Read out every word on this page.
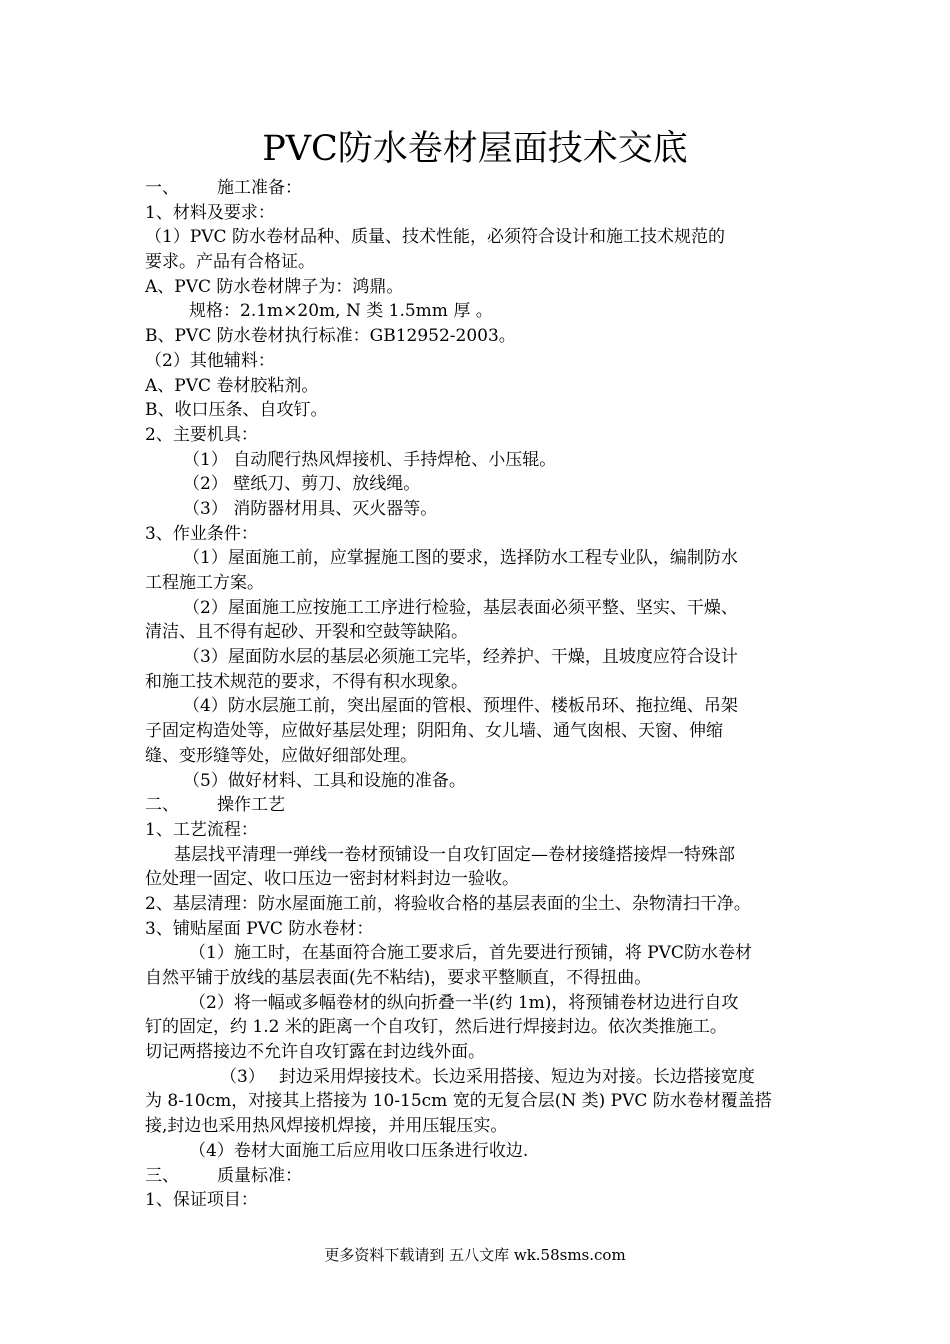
PVC防水卷材屋面技术交底
一、 施工准备：
1、材料及要求：
（1）PVC 防水卷材品种、质量、技术性能，必须符合设计和施工技术规范的
要求。产品有合格证。
A、PVC 防水卷材牌子为：鸿鼎。
规格：2.1m×20m, N 类 1.5mm 厚 。
B、PVC 防水卷材执行标准：GB12952-2003。
（2）其他辅料：
A、PVC 卷材胶粘剂。
B、收口压条、自攻钉。
2、主要机具：
（1） 自动爬行热风焊接机、手持焊枪、小压辊。
（2） 壁纸刀、剪刀、放线绳。
（3） 消防器材用具、灭火器等。
3、作业条件：
（1）屋面施工前，应掌握施工图的要求，选择防水工程专业队，编制防水
工程施工方案。
（2）屋面施工应按施工工序进行检验，基层表面必须平整、坚实、干燥、
清洁、且不得有起砂、开裂和空鼓等缺陷。
（3）屋面防水层的基层必须施工完毕，经养护、干燥，且坡度应符合设计
和施工技术规范的要求，不得有积水现象。
（4）防水层施工前，突出屋面的管根、预埋件、楼板吊环、拖拉绳、吊架
子固定构造处等，应做好基层处理；阴阳角、女儿墙、通气囱根、天窗、伸缩
缝、变形缝等处，应做好细部处理。
（5）做好材料、工具和设施的准备。
二、 操作工艺
1、工艺流程：
基层找平清理一弹线一卷材预铺设一自攻钉固定—卷材接缝搭接焊一特殊部
位处理一固定、收口压边一密封材料封边一验收。
2、基层清理：防水屋面施工前，将验收合格的基层表面的尘土、杂物清扫干净。
3、铺贴屋面 PVC 防水卷材：
（1）施工时，在基面符合施工要求后，首先要进行预铺，将 PVC防水卷材
自然平铺于放线的基层表面(先不粘结)，要求平整顺直，不得扭曲。
（2）将一幅或多幅卷材的纵向折叠一半(约 1m)，将预铺卷材边进行自攻
钉的固定，约 1.2 米的距离一个自攻钉，然后进行焊接封边。依次类推施工。
切记两搭接边不允许自攻钉露在封边线外面。
（3） 封边采用焊接技术。长边采用搭接、短边为对接。长边搭接宽度
为 8-10cm，对接其上搭接为 10-15cm 宽的无复合层(N 类) PVC 防水卷材覆盖搭
接,封边也采用热风焊接机焊接，并用压辊压实。
（4）卷材大面施工后应用收口压条进行收边.
三、 质量标准：
1、保证项目：
更多资料下载请到 五八文库 wk.58sms.com
